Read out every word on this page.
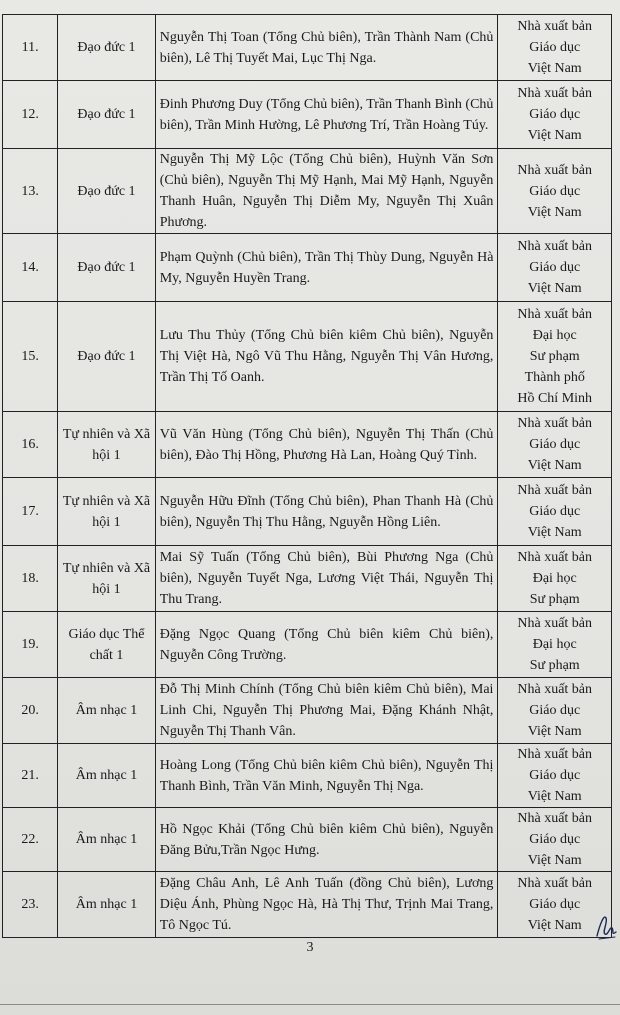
11.	Đạo đức 1	Nguyễn Thị Toan (Tổng Chủ biên), Trần Thành Nam (Chủ biên), Lê Thị Tuyết Mai, Lục Thị Nga.	Nhà xuất bản
Giáo dục
Việt Nam

12.	Đạo đức 1	Đinh Phương Duy (Tổng Chủ biên), Trần Thanh Bình (Chủ biên), Trần Minh Hường, Lê Phương Trí, Trần Hoàng Túy.	Nhà xuất bản
Giáo dục
Việt Nam

13.	Đạo đức 1	Nguyễn Thị Mỹ Lộc (Tổng Chủ biên), Huỳnh Văn Sơn (Chủ biên), Nguyễn Thị Mỹ Hạnh, Mai Mỹ Hạnh, Nguyễn Thanh Huân, Nguyễn Thị Diễm My, Nguyễn Thị Xuân Phương.	Nhà xuất bản
Giáo dục
Việt Nam

14.	Đạo đức 1	Phạm Quỳnh (Chủ biên), Trần Thị Thùy Dung, Nguyễn Hà My, Nguyễn Huyền Trang.	Nhà xuất bản
Giáo dục
Việt Nam

15.	Đạo đức 1	Lưu Thu Thủy (Tổng Chủ biên kiêm Chủ biên), Nguyễn Thị Việt Hà, Ngô Vũ Thu Hằng, Nguyễn Thị Vân Hương, Trần Thị Tố Oanh.	Nhà xuất bản
Đại học
Sư phạm
Thành phố
Hồ Chí Minh

16.	Tự nhiên và Xã hội 1	Vũ Văn Hùng (Tổng Chủ biên), Nguyễn Thị Thấn (Chủ biên), Đào Thị Hồng, Phương Hà Lan, Hoàng Quý Tỉnh.	Nhà xuất bản
Giáo dục
Việt Nam

17.	Tự nhiên và Xã hội 1	Nguyễn Hữu Đĩnh (Tổng Chủ biên), Phan Thanh Hà (Chủ biên), Nguyễn Thị Thu Hằng, Nguyễn Hồng Liên.	Nhà xuất bản
Giáo dục
Việt Nam

18.	Tự nhiên và Xã hội 1	Mai Sỹ Tuấn (Tổng Chủ biên), Bùi Phương Nga (Chủ biên), Nguyễn Tuyết Nga, Lương Việt Thái, Nguyễn Thị Thu Trang.	Nhà xuất bản
Đại học
Sư phạm

19.	Giáo dục Thể chất 1	Đặng Ngọc Quang (Tổng Chủ biên kiêm Chủ biên), Nguyễn Công Trường.	Nhà xuất bản
Đại học
Sư phạm

20.	Âm nhạc 1	Đỗ Thị Minh Chính (Tổng Chủ biên kiêm Chủ biên), Mai Linh Chi, Nguyễn Thị Phương Mai, Đặng Khánh Nhật, Nguyễn Thị Thanh Vân.	Nhà xuất bản
Giáo dục
Việt Nam

21.	Âm nhạc 1	Hoàng Long (Tổng Chủ biên kiêm Chủ biên), Nguyễn Thị Thanh Bình, Trần Văn Minh, Nguyễn Thị Nga.	Nhà xuất bản
Giáo dục
Việt Nam

22.	Âm nhạc 1	Hồ Ngọc Khải (Tổng Chủ biên kiêm Chủ biên), Nguyễn Đăng Bửu,Trần Ngọc Hưng.	Nhà xuất bản
Giáo dục
Việt Nam

23.	Âm nhạc 1	Đặng Châu Anh, Lê Anh Tuấn (đồng Chủ biên), Lương Diệu Ánh, Phùng Ngọc Hà, Hà Thị Thư, Trịnh Mai Trang, Tô Ngọc Tú.	Nhà xuất bản
Giáo dục
Việt Nam
3
